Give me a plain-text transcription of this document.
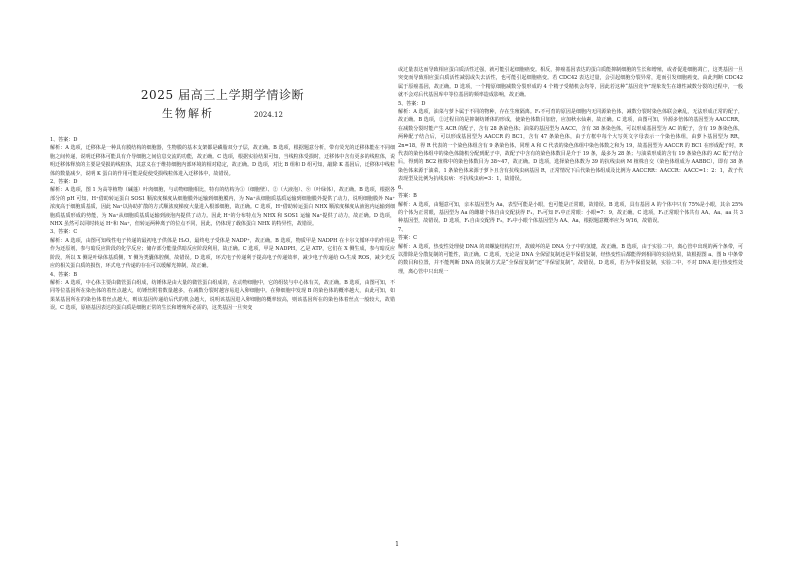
2025 届高三上学期学情诊断
生物解析	2024.12
1、答案：D
解析：A 选项，迁移体是一种具有膜结构的细胞器，生物膜的基本支架都是磷脂双分子层，故正确。B 选项，根据题意分析，带有荧光的迁移体能在不同细胞之间传递，说明迁移体可能具有介导细胞之间信息交流的功能，故正确。C 选项，根据实验结果可知，当线粒体受损时，迁移体中含有更多的线粒体，说明迁移体释放的主要是受损的线粒体，其意义在于维持细胞内部环境的相对稳定，故正确。D 选项，对比 B 组和 D 组可知，敲除 K 基因后，迁移体中线粒体的数量减少，说明 K 蛋白的作用可能是促使受损线粒体进入迁移体中，故错误。
2、答案：D
解析：A 选项，图 1 为高等植物（碱蓬）叶肉细胞，与动物细胞相比，特有的结构为①（细胞壁）、②（大液泡）、⑨（叶绿体），故正确。B 选项，根据各部分的 pH 可知，H⁺借助转运蛋白 SOS1 顺浓度梯度从细胞膜外运输到细胞膜内，为 Na⁺从细胞质基质运输到细胞膜外提供了动力，说明细胞膜外 Na⁺浓度高于细胞质基质，因此 Na⁺以协助扩散的方式顺浓度梯度大量进入根部细胞，故正确。C 选项，H⁺借助转运蛋白 NHX 顺浓度梯度从液泡内运输到细胞质基质形成的势能，为 Na⁺从细胞质基质运输到液泡内提供了动力。因此 H⁺的分布特点为 NHX 和 SOS1 运输 Na⁺提供了动力，故正确。D 选项，NHX 虽然可以同时转运 H⁺和 Na⁺，但转运两种离子的位点不同，因此，仍体现了载体蛋白 NHX 的特异性，故错误。
3、答案：C
解析：A 选项，由图可知线性电子传递的最初电子供体是 H₂O，最终电子受体是 NADP⁺，故正确。B 选项，物质甲是 NADPH 在卡尔文循环中的作用是作为还原剂，参与暗反应阶段的化学反应；储存部分能量供暗反应阶段利用，故正确。C 选项，甲是 NADPH，乙是 ATP，它们在 X 侧生成，参与暗反应阶段，所以 X 侧是叶绿体基质侧，Y 侧为类囊体腔侧，故错误。D 选项，环式电子传递利于提高电子传递效率，减少电子传递给 O₂生成 ROS，减少光反应的相关蛋白质的损伤，环式电子传递的存在可以缓解光抑制，故正确。
4、答案：B
解析：A 选项，中心体主要由微管蛋白组成，纺锤体是由大量的微管蛋白组成的，在动物细胞中，它的组装与中心体有关，故正确。B 选项，由图可知，不同等位基因所在染色体的着丝点越大，纺锤丝附着数量越多，在减数分裂时越容易进入卵细胞中。在卵细胞中发现 B 的染色体的概率越大，由此可知，如果某基因所在的染色体着丝点越大，则该基因传递给后代的机会越大，说明该基因进入卵细胞的概率较高，则该基因所在的染色体着丝点一般较大，故错误。C 选项，原癌基因表达的蛋白质是细胞正常的生长和增殖所必需的，这类基因一旦突变
或过量表达而导致相应蛋白质活性过强，就可能引起细胞癌变。相反，抑癌基因表达的蛋白质能抑制细胞的生长和增殖，或者促进细胞凋亡，这类基因一旦突变而导致相应蛋白质活性减弱或失去活性，也可能引起细胞癌变。若 CDC42 表达过量，会引起细胞分裂异常，进而引发细胞癌变。由此判断 CDC42 属于原癌基因，故正确。D 选项，一个精原细胞减数分裂形成的 4 个精子受精机会均等，因此若这种“基因竞争”现象发生在雄性减数分裂的过程中，一般就不会对后代基因库中等位基因的频率造成影响，故正确。
5、答案：D
解析：A 选项，油菜与萝卜属于不同的物种，存在生殖隔离。F₁不可育的原因是细胞内无同源染色体，减数分裂时染色体联会紊乱，无法形成正常的配子，故正确。B 选项，②过程目的是抑制纺锤体的形成，使染色体数目加倍，应加秋水仙素，故正确。C 选项，由图可知，异源多倍体的基因型为 AACCRR，在减数分裂时能产生 ACR 的配子，含有 28 条染色体；油菜的基因型为 AACC，含有 38 条染色体，可以形成基因型为 AC 的配子，含有 19 条染色体，两种配子结合后，可以形成基因型为 AACCR 的 BC1，含有 47 条染色体，由于方框中每个大写英文字母表示一个染色体组，由萝卜基因型为 RR，2n=18，得 R 代表的一个染色体组含有 9 条染色体，同理 A 和 C 代表的染色体组中染色体数之和为 19，故基因型为 AACCR 的 BC1 在形成配子时，R 代表的染色体组中的染色体随机分配到配子中，故配子中含有的染色体数目是介于 19 条，最多为 28 条；与油菜形成的含有 19 条染色体的 AC 配子结合后，得到的 BC2 植株中的染色体数目为 38~47，故正确。D 选项，选择染色体数为 39 的抗线虫病 M 植株自交（染色体组成为 AABBC），即有 38 条染色体来源于油菜，1 条染色体来源于萝卜且含有抗线虫病基因 R，正常情况下后代染色体组成及比例为 AACCRR：AACCR：AACC=1：2：1，故子代表现型及比例为抗线虫病：不抗线虫病=3：1，故错误。
6、
答案：B
解析：A 选项，由题意可知，亲本基因型为 Aa，表型可能是小眼，也可能是正常眼，故错误。B 选项，具有基因 A 的个体中只有 75%是小眼，其余 25%的个体为正常眼，基因型为 Aa 的雌雄个体自由交配获得 F₁，F₁可知 F₁中正常眼：小眼=7：9，故正确。C 选项，F₁正常眼个体共有 AA、Aa、aa 共 3 种基因型，故错误。D 选项，F₁自由交配得 F₂，F₂中小眼个体基因型为 AA、Aa，根据题意概率应为 9/16，故错误。
7、
答案：C
解析：A 选项，热变性处理使 DNA 的双螺旋结构打开，故破坏的是 DNA 分子中的氢键，故正确。B 选项，由于实验二中，离心管中出现的两个条带，可以排除是分散复制的可能性，故正确。C 选项，无论是 DNA 全保留复制还是半保留复制，经热变性后都能得到相同的实验结果，故根据图 a、图 b 中条带的数目和位置，并不能判断 DNA 的复制方式是“全保留复制”还“半保留复制”，故错误。D 选项，若为半保留复制，实验二中，不对 DNA 进行热变性处理，离心管中只出现一
1
